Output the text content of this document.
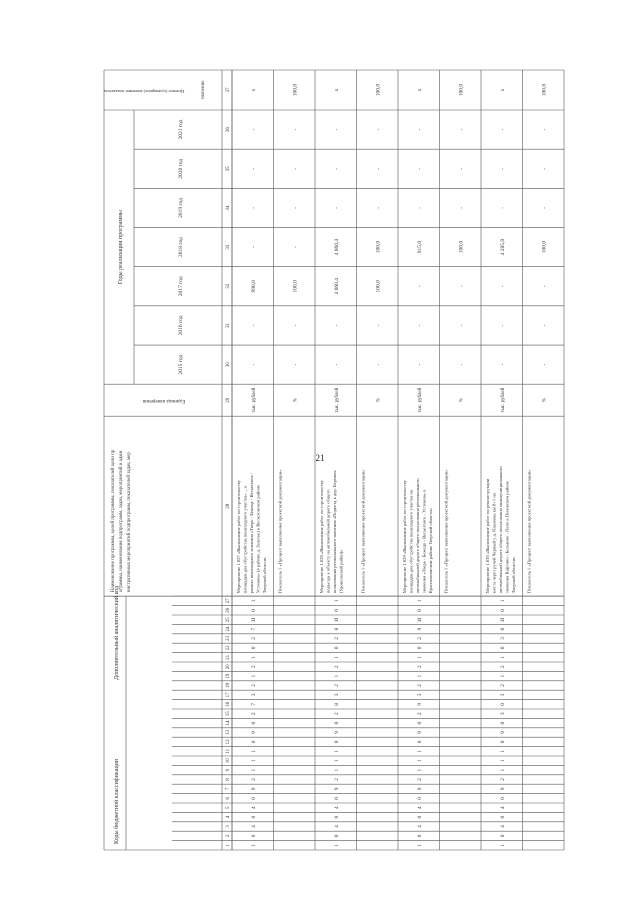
21
Коды бюджетной классификации
Дополнительный аналитический код
Наименование программы, целей программы, показателей цели пр ограммы, наименования подпрограмм, задач, мероприятий и адми нистративных мероприятий подпрограмм, показателей задач, мер
Единица измерения
Годы реализации программы
2015 год
2016 год
2017 год
2018 год
2019 год
2020 год
2021 год
Целевое (суммарное) значение показателя	значение
1
2
3
4
5
6
7
8
9
10
11
12
13
14
15
16
17
18
19
20
21
22
23
24
25
26
27
28
29
30
31
32
33
34
35
36
37
1
0
4
0
4
0
9
2
1
1
1
0
9
0
2
7
3
2
1
2
1
0
2
7
И
0
1
Мероприятие 1.027 «Выполнение работ по строительству площадки для обустройства пешеходного участка» ... в рамках пешеходного значения «Тверь - Бежецк - Весьегонск - Устюжна» (в районе д. Залесье) в Весьегонском районе Тверской области»
тыс. рублей
-
-
990,0
-
-
-
-
х
Показатель 1 «Процент выполнения проектной документации»
%
-
-
100,0
-
-
-
-
100,0
1
0
4
0
4
0
9
2
1
1
1
0
9
0
2
8
3
2
1
2
1
0
2
8
И
0
1
Мероприятие 1.028 «Выполнение работ по строительству подъезда к объекту на автомобильной дороге общего пользования регионального значения «Подъезд к дер. Бережок (Удомельский район)»
тыс. рублей
-
-
4 060,4
4 060,4
-
-
-
х
Показатель 1 «Процент выполнения проектной документации»
%
-
-
100,0
100,0
-
-
-
100,0
1
0
4
0
4
0
9
2
1
1
1
0
9
0
2
9
3
2
1
2
1
0
2
9
И
0
1
Мероприятие 1.029 «Выполнение работ по строительству площадки для обустройства пешеходного участка на автомобильной дороге общего пользования регионального значения «Тверь - Бежецк - Весьегонск - Устюжна» в Краснохолмском районе Тверской области»
тыс. рублей
-
-
-
915,0
-
-
-
х
Показатель 1 «Процент выполнения проектной документации»
%
-
-
-
100,0
-
-
-
100,0
1
0
4
0
4
0
9
2
1
1
1
0
9
0
3
0
3
2
1
2
1
0
3
0
И
0
1
Мероприятие 1.030 «Выполнение работ по реконструкции моста через ручей Черный у д. Павловка км 8+1 на автомобильной дороге общего пользования межмуниципального значения Кафтино - Бельково - Пено в Пеновском районе Тверской области»
тыс. рублей
-
-
-
4 285,0
-
-
-
х
Показатель 1 «Процент выполнения проектной документации»
%
-
-
-
100,0
-
-
-
100,0
